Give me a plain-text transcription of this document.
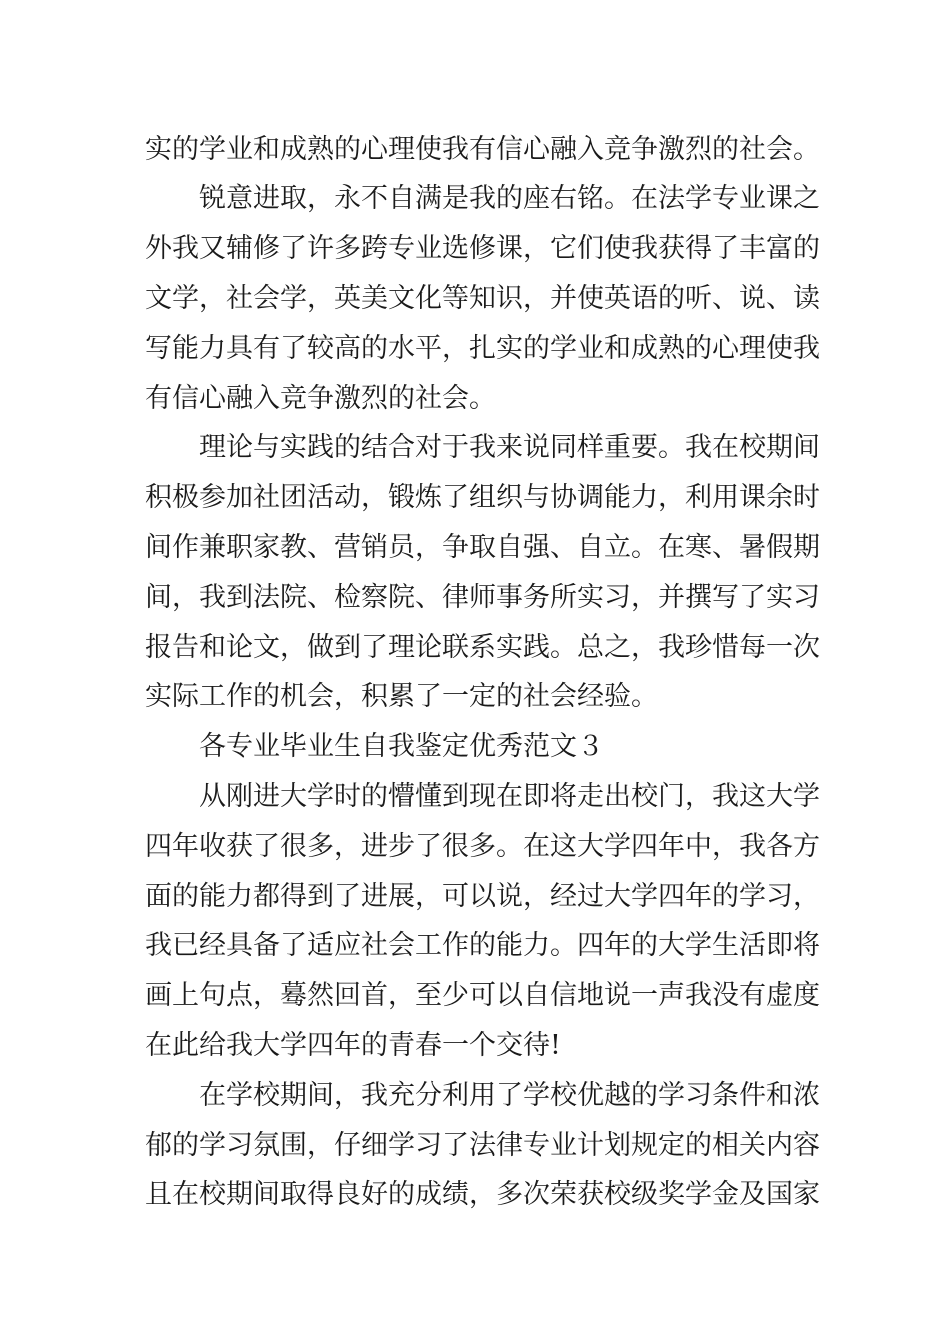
实的学业和成熟的心理使我有信心融入竞争激烈的社会。
锐意进取，永不自满是我的座右铭。在法学专业课之
外我又辅修了许多跨专业选修课，它们使我获得了丰富的
文学，社会学，英美文化等知识，并使英语的听、说、读
写能力具有了较高的水平，扎实的学业和成熟的心理使我
有信心融入竞争激烈的社会。
理论与实践的结合对于我来说同样重要。我在校期间
积极参加社团活动，锻炼了组织与协调能力，利用课余时
间作兼职家教、营销员，争取自强、自立。在寒、暑假期
间，我到法院、检察院、律师事务所实习，并撰写了实习
报告和论文，做到了理论联系实践。总之，我珍惜每一次
实际工作的机会，积累了一定的社会经验。
各专业毕业生自我鉴定优秀范文３
从刚进大学时的懵懂到现在即将走出校门，我这大学
四年收获了很多，进步了很多。在这大学四年中，我各方
面的能力都得到了进展，可以说，经过大学四年的学习，
我已经具备了适应社会工作的能力。四年的大学生活即将
画上句点，蓦然回首，至少可以自信地说一声我没有虚度
在此给我大学四年的青春一个交待!
在学校期间，我充分利用了学校优越的学习条件和浓
郁的学习氛围，仔细学习了法律专业计划规定的相关内容
且在校期间取得良好的成绩，多次荣获校级奖学金及国家
